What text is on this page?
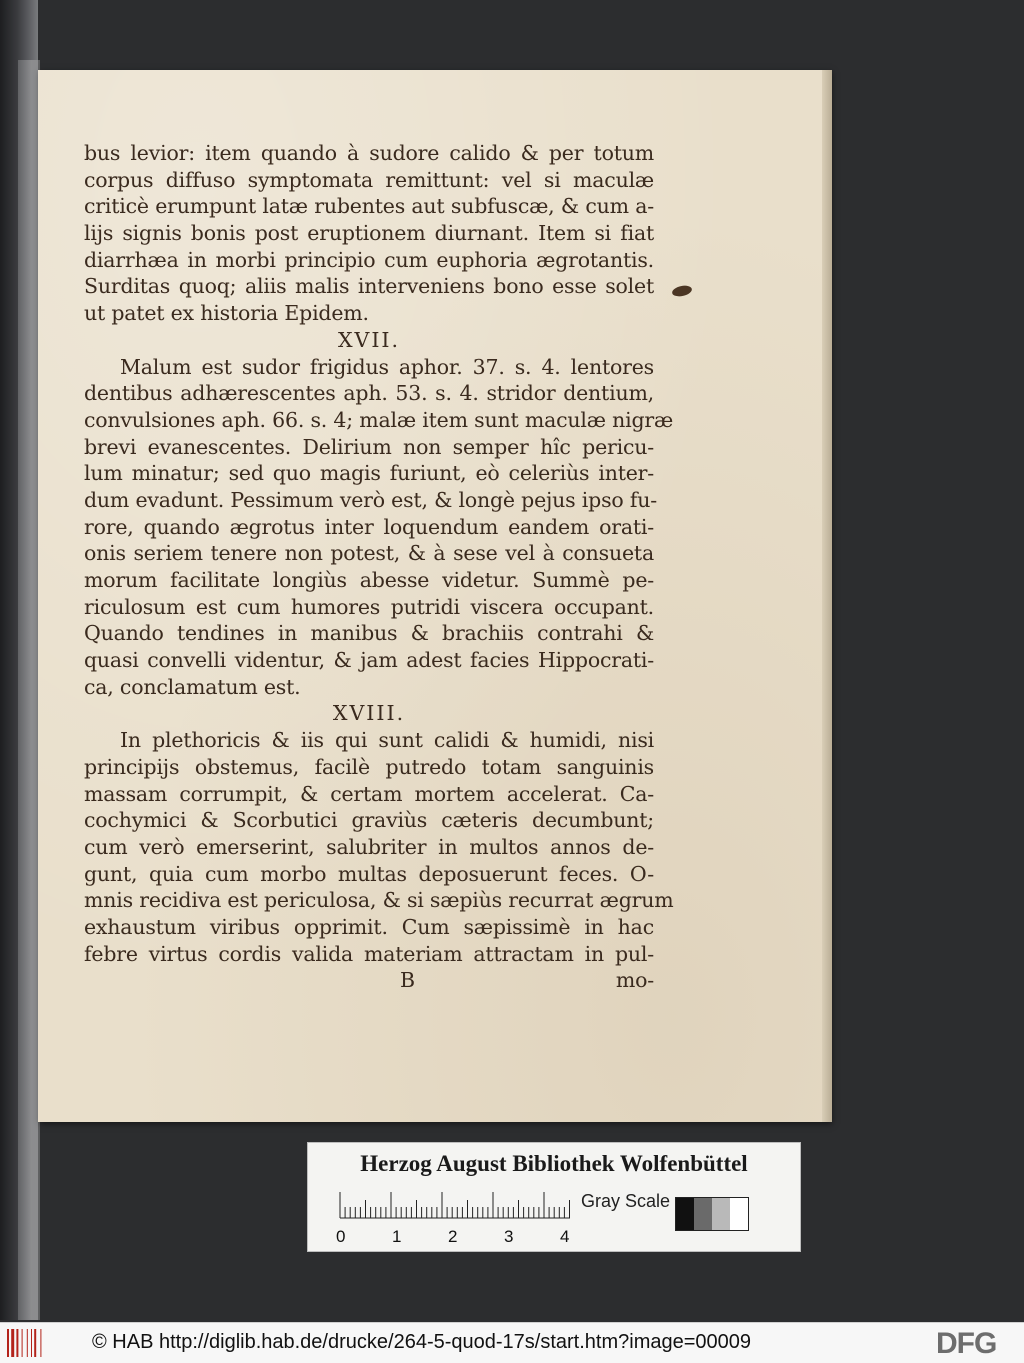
bus levior: item quando à sudore calido & per totum
corpus diffuso symptomata remittunt: vel si maculæ
criticè erumpunt latæ rubentes aut subfuscæ, & cum a-
lijs signis bonis post eruptionem diurnant. Item si fiat
diarrhæa in morbi principio cum euphoria ægrotantis.
Surditas quoq; aliis malis interveniens bono esse solet
ut patet ex historia Epidem.
XVII.
Malum est sudor frigidus aphor. 37. s. 4. lentores
dentibus adhærescentes aph. 53. s. 4. stridor dentium,
convulsiones aph. 66. s. 4; malæ item sunt maculæ nigræ
brevi evanescentes. Delirium non semper hîc pericu-
lum minatur; sed quo magis furiunt, eò celeriùs inter-
dum evadunt. Pessimum verò est, & longè pejus ipso fu-
rore, quando ægrotus inter loquendum eandem orati-
onis seriem tenere non potest, & à sese vel à consueta
morum facilitate longiùs abesse videtur. Summè pe-
riculosum est cum humores putridi viscera occupant.
Quando tendines in manibus & brachiis contrahi &
quasi convelli videntur, & jam adest facies Hippocrati-
ca, conclamatum est.
XVIII.
In plethoricis & iis qui sunt calidi & humidi, nisi
principijs obstemus, facilè putredo totam sanguinis
massam corrumpit, & certam mortem accelerat. Ca-
cochymici & Scorbutici graviùs cæteris decumbunt;
cum verò emerserint, salubriter in multos annos de-
gunt, quia cum morbo multas deposuerunt feces. O-
mnis recidiva est periculosa, & si sæpiùs recurrat ægrum
exhaustum viribus opprimit. Cum sæpissimè in hac
febre virtus cordis valida materiam attractam in pul-
B	mo-
Herzog August Bibliothek Wolfenbüttel
0	1	2	3	4
Gray Scale
© HAB http://diglib.hab.de/drucke/264-5-quod-17s/start.htm?image=00009	DFG
